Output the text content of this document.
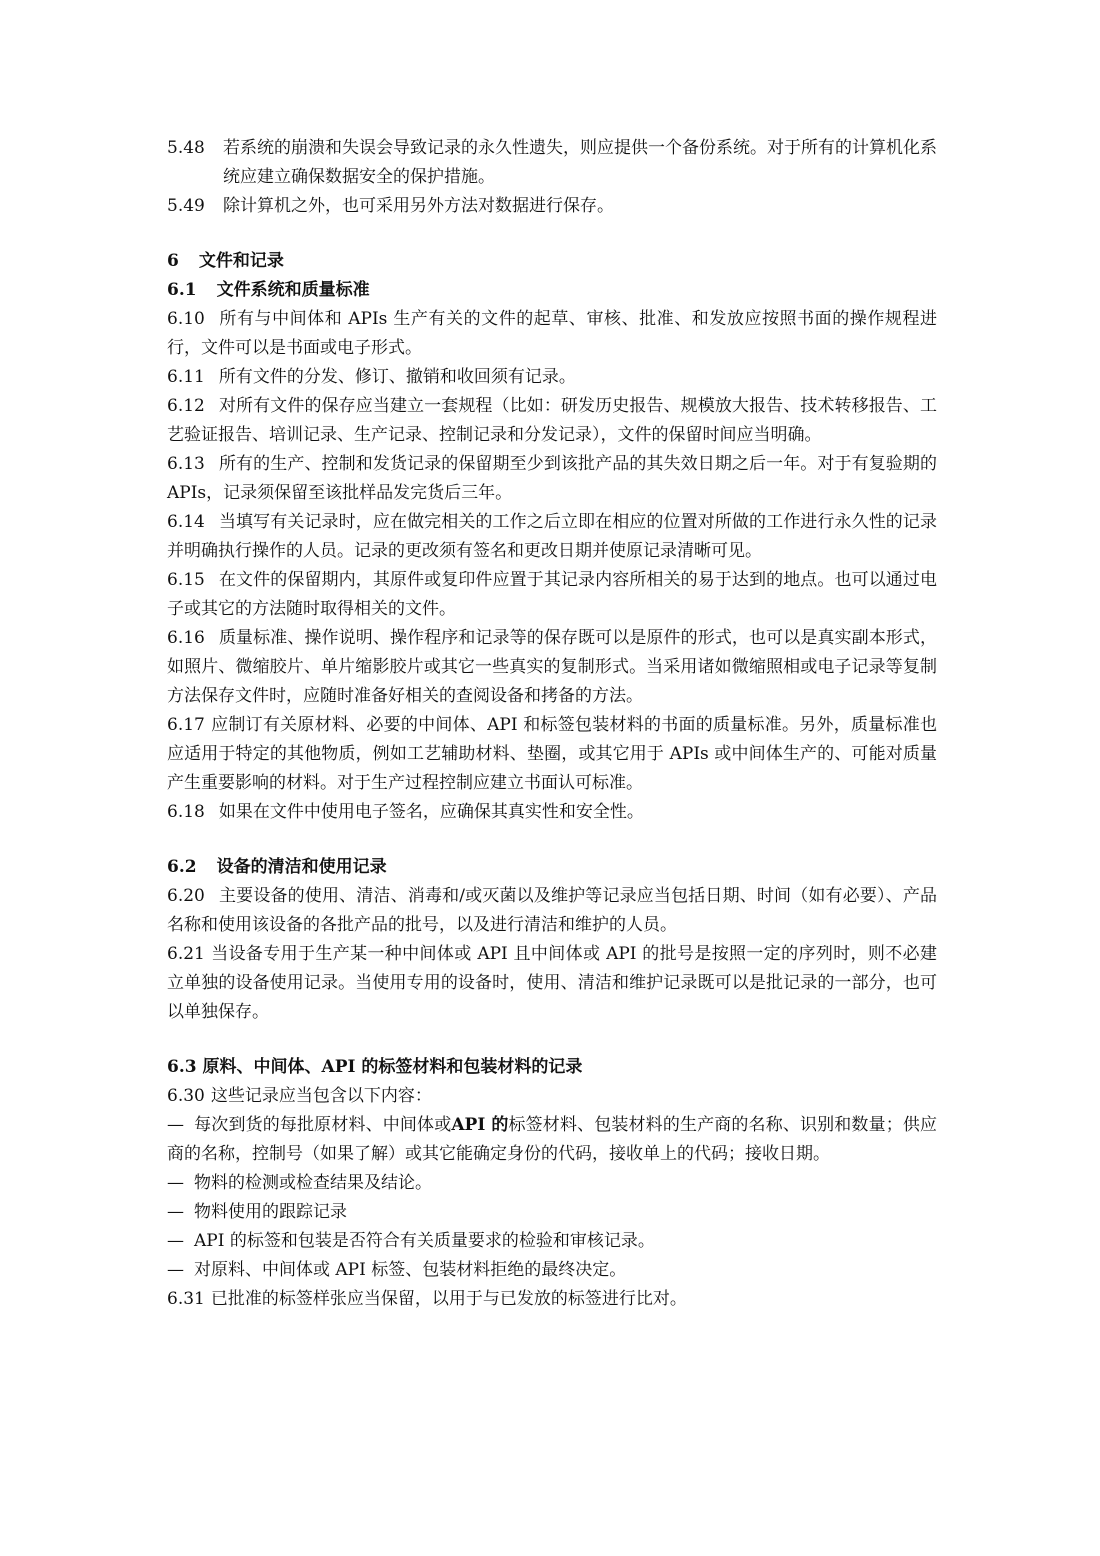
5.48	若系统的崩溃和失误会导致记录的永久性遗失，则应提供一个备份系统。对于所有的计算机化系统应建立确保数据安全的保护措施。
5.49	除计算机之外，也可采用另外方法对数据进行保存。
6 文件和记录
6.1 文件系统和质量标准
6.10 所有与中间体和 APIs 生产有关的文件的起草、审核、批准、和发放应按照书面的操作规程进行，文件可以是书面或电子形式。
6.11 所有文件的分发、修订、撤销和收回须有记录。
6.12 对所有文件的保存应当建立一套规程（比如：研发历史报告、规模放大报告、技术转移报告、工艺验证报告、培训记录、生产记录、控制记录和分发记录），文件的保留时间应当明确。
6.13 所有的生产、控制和发货记录的保留期至少到该批产品的其失效日期之后一年。对于有复验期的 APIs，记录须保留至该批样品发完货后三年。
6.14 当填写有关记录时，应在做完相关的工作之后立即在相应的位置对所做的工作进行永久性的记录并明确执行操作的人员。记录的更改须有签名和更改日期并使原记录清晰可见。
6.15 在文件的保留期内，其原件或复印件应置于其记录内容所相关的易于达到的地点。也可以通过电子或其它的方法随时取得相关的文件。
6.16 质量标准、操作说明、操作程序和记录等的保存既可以是原件的形式，也可以是真实副本形式，如照片、微缩胶片、单片缩影胶片或其它一些真实的复制形式。当采用诸如微缩照相或电子记录等复制方法保存文件时，应随时准备好相关的查阅设备和拷备的方法。
6.17 应制订有关原材料、必要的中间体、API 和标签包装材料的书面的质量标准。另外，质量标准也应适用于特定的其他物质，例如工艺辅助材料、垫圈，或其它用于 APIs 或中间体生产的、可能对质量产生重要影响的材料。对于生产过程控制应建立书面认可标准。
6.18 如果在文件中使用电子签名，应确保其真实性和安全性。
6.2 设备的清洁和使用记录
6.20 主要设备的使用、清洁、消毒和/或灭菌以及维护等记录应当包括日期、时间（如有必要）、产品名称和使用该设备的各批产品的批号，以及进行清洁和维护的人员。
6.21 当设备专用于生产某一种中间体或 API 且中间体或 API 的批号是按照一定的序列时，则不必建立单独的设备使用记录。当使用专用的设备时，使用、清洁和维护记录既可以是批记录的一部分，也可以单独保存。
6.3 原料、中间体、API 的标签材料和包装材料的记录
6.30 这些记录应当包含以下内容：
— 每次到货的每批原材料、中间体或API 的标签材料、包装材料的生产商的名称、识别和数量；供应商的名称，控制号（如果了解）或其它能确定身份的代码，接收单上的代码；接收日期。
— 物料的检测或检查结果及结论。
— 物料使用的跟踪记录
— API 的标签和包装是否符合有关质量要求的检验和审核记录。
— 对原料、中间体或 API 标签、包装材料拒绝的最终决定。
6.31 已批准的标签样张应当保留，以用于与已发放的标签进行比对。
